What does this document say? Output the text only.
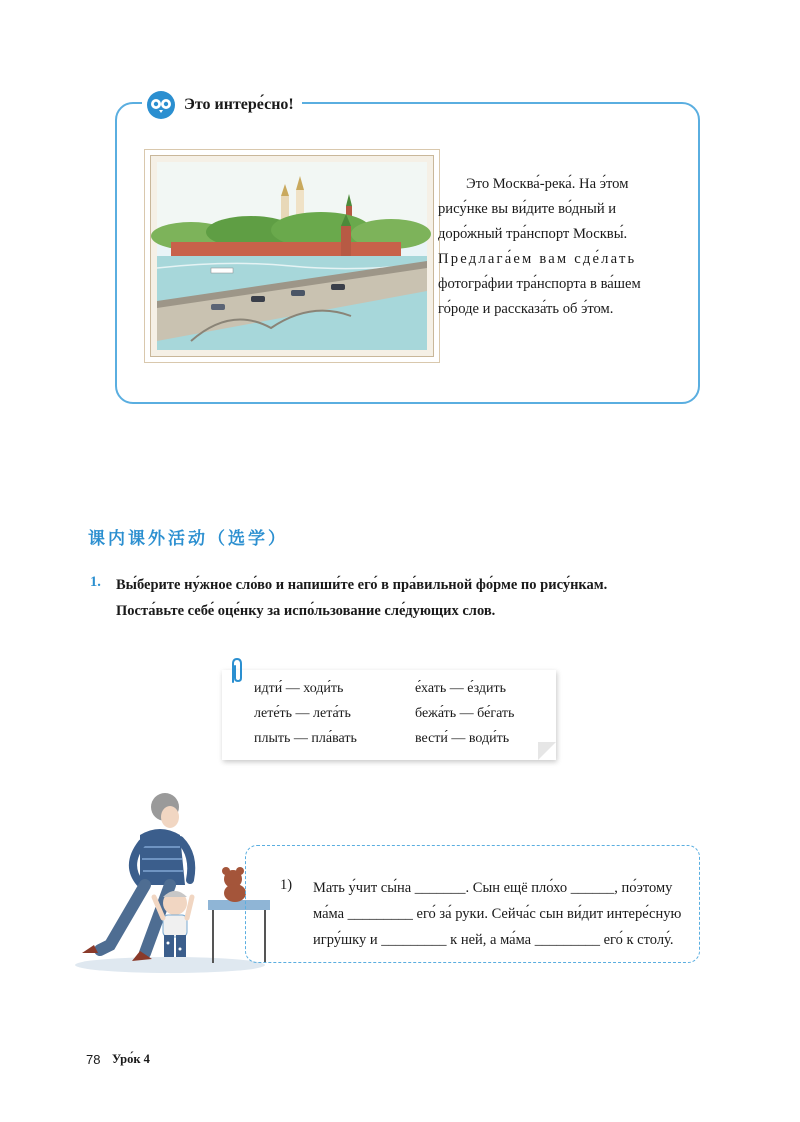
Это интере́сно!

Это Москва́-река́. На э́том

рису́нке вы ви́дите во́дный и
доро́жный тра́нспорт Москвы́.
Предлага́ем вам сде́лать
фотогра́фии тра́нспорта в ва́шем
го́роде и рассказа́ть об э́том.
课内课外活动（选学）
1. Вы́берите ну́жное сло́во и напиши́те его́ в пра́вильной фо́рме по рису́нкам.
Поста́вьте себе́ оце́нку за испо́льзование сле́дующих слов.
идти́ — ходи́ть	е́хать — е́здить
лете́ть — лета́ть	бежа́ть — бе́гать
плыть — пла́вать	вести́ — води́ть
1) Мать у́чит сы́на _______. Сын ещё пло́хо ______, по́этому
ма́ма _________ его́ за́ руки. Сейча́с сын ви́дит интере́сную
игру́шку и _________ к ней, а ма́ма _________ его́ к столу́.
78 Уро́к 4
